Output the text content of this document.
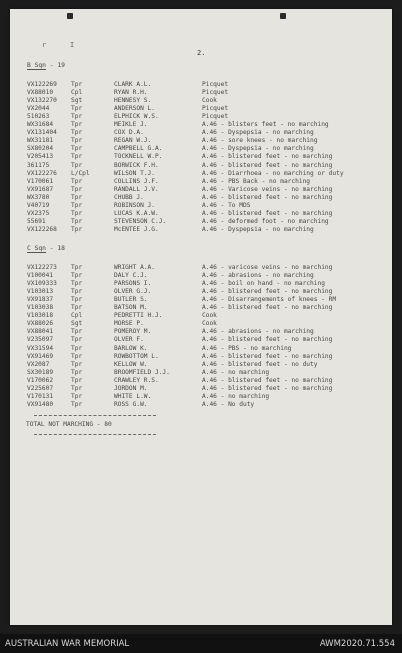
r	I
2.
B Sqn - 19
VX122269 Tpr	CLARK A.L.	Picquet
VX88010	Cpl	RYAN R.H.	Picquet
VX132270 Sgt	HENNESY S.	Cook
VX2044	Tpr	ANDERSON L.	Picquet
510263	Tpr	ELPHICK W.S.	Picquet
WX31684	Tpr	MEIKLE J.	A.46 - blisters feet - no marching
VX131404 Tpr	COX D.A.	A.46 - Dyspepsia - no marching
WX31181	Tpr	REGAN W.J.	A.46 - sore knees - no marching
SX80204	Tpr	CAMPBELL G.A.	A.46 - Dyspepsia - no marching
V205413	Tpr	TOCKNELL W.P.	A.46 - blistered feet - no marching
361175	Tpr	BORWICK F.H.	A.46 - blistered feet - no marching
VX122276 L/Cpl	WILSON T.J.	A.46 - Diarrhoea - no marching or duty
V170061	Tpr	COLLINS J.F.	A.46 - PBS Back - no marching
VX91687	Tpr	RANDALL J.V.	A.46 - Varicose veins - no marching
WX3780	Tpr	CHUBB J.	A.46 - blistered feet - no marching
V40719	Tpr	ROBINSON J.	A.46 - To MDS
VX2375	Tpr	LUCAS K.A.W.	A.46 - blistered feet - no marching
55691	Tpr	STEVENSON C.J.	A.46 - deformed foot - no marching
VX122268 Tpr	McENTEE J.G.	A.46 - Dyspepsia - no marching
C Sqn - 18
VX122273 Tpr	WRIGHT A.A.	A.46 - varicose veins - no marching
V100041	Tpr	DALY C.J.	A.46 - abrasions - no marching
VX109333 Tpr	PARSONS I.	A.46 - boil on hand - no marching
V103013	Tpr	OLVER G.J.	A.46 - blistered feet - no marching
VX91837	Tpr	BUTLER S.	A.46 - Disarrangements of knees - RM
V103038	Tpr	BATSON M.	A.46 - blistered feet - no marching
V103018	Cpl	PEDRETTI H.J.	Cook
VX88026	Sgt	MORSE P.	Cook
VX88041	Tpr	POMEROY M.	A.46 - abrasions - no marching
V235097	Tpr	OLVER F.	A.46 - blistered feet - no marching
VX31594	Tpr	BARLOW K.	A.46 - PBS - no marching
VX91469	Tpr	ROWBOTTOM L.	A.46 - blistered feet - no marching
VX2087	Tpr	KELLOW W.	A.46 - blistered feet - no duty
SX30189	Tpr	BROOMFIELD J.J.	A.46 - no marching
V170062	Tpr	CRAWLEY R.S.	A.46 - blistered feet - no marching
V225607	Tpr	JORDON M.	A.46 - blistered feet - no marching
V170131	Tpr	WHITE L.W.	A.46 - no marching
VX91480	Tpr	ROSS G.W.	A.46 - No duty
TOTAL NOT MARCHING - 80
AUSTRALIAN WAR MEMORIAL	AWM2020.71.554
